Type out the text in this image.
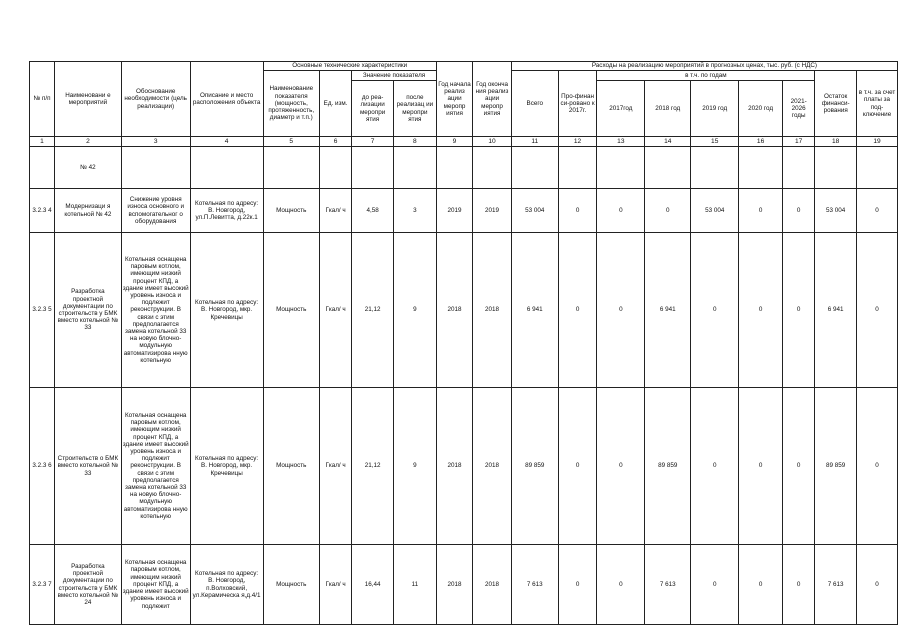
№ п/п	Наименовани е мероприятий	Обоснование необходимости (цель реализации)	Описание и место расположения объекта	Основные технические характеристики				Год начала реализ ации меропр иятия	Год оконча ния реализ ации меропр иятия	Расходы на реализацию мероприятий в прогнозных ценах, тыс. руб. (с НДС)								
				Наименование показателя (мощность, протяженность, диаметр и т.п.)	Ед. изм.	Значение показателя				Всего	Про-финан си-ровано к 2017г.	в т.ч. по годам					Остаток финанси-рования	в т.ч. за счет платы за под-ключение
						до реа-лизации меропри ятия	после реализац ии меропри ятия					2017год	2018 год	2019 год	2020 год	2021-2026 годы		

1	2	3	4	5	6	7	8	9	10	11	12	13	14	15	16	17	18	19
	№ 42																	
3.2.3 4	Модернизаци я котельной № 42	Снижение уровня износа основного и вспомогательног о оборудования	Котельная по адресу: В. Новгород, ул.П.Левитта, д.22к.1	Мощность	Гкал/ ч	4,58	3	2019	2019	53 004	0	0	0	53 004	0	0	53 004	0
3.2.3 5	Разработка проектной документации по строительств у БМК вместо котельной № 33	Котельная оснащена паровым котлом, имеющим низкий процент КПД, а здание имеет высокий уровень износа и подлежит реконструкции. В связи с этим предполагается замена котельной 33 на новую блочно-модульную автоматизирова нную котельную	Котельная по адресу: В. Новгород, мкр. Кречевицы	Мощность	Гкал/ ч	21,12	9	2018	2018	6 941	0	0	6 941	0	0	0	6 941	0
3.2.3 6	Строительств о БМК вместо котельной № 33	Котельная оснащена паровым котлом, имеющим низкий процент КПД, а здание имеет высокий уровень износа и подлежит реконструкции. В связи с этим предполагается замена котельной 33 на новую блочно-модульную автоматизирова нную котельную	Котельная по адресу: В. Новгород, мкр. Кречевицы	Мощность	Гкал/ ч	21,12	9	2018	2018	89 859	0	0	89 859	0	0	0	89 859	0
3.2.3 7	Разработка проектной документации по строительств у БМК вместо котельной № 24	Котельная оснащена паровым котлом, имеющим низкий процент КПД, а здание имеет высокий уровень износа и подлежит	Котельная по адресу: В. Новгород, п.Волховский, ул.Керамическа я,д.4/1	Мощность	Гкал/ ч	16,44	11	2018	2018	7 613	0	0	7 613	0	0	0	7 613	0
